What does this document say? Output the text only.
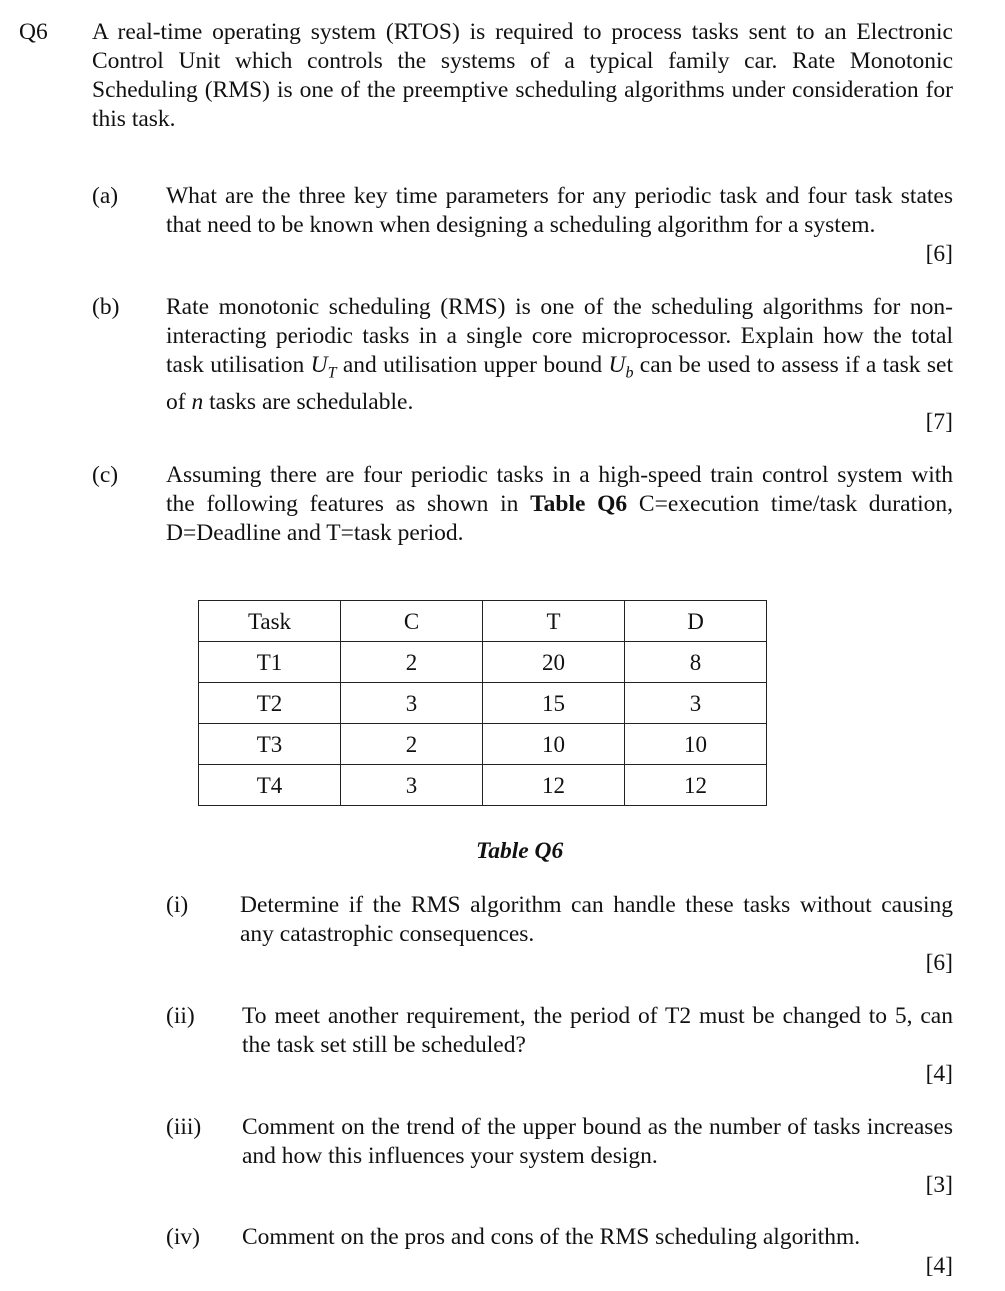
Q6 A real-time operating system (RTOS) is required to process tasks sent to an Electronic Control Unit which controls the systems of a typical family car. Rate Monotonic Scheduling (RMS) is one of the preemptive scheduling algorithms under consideration for this task.
(a) What are the three key time parameters for any periodic task and four task states that need to be known when designing a scheduling algorithm for a system.
[6]
(b) Rate monotonic scheduling (RMS) is one of the scheduling algorithms for non-interacting periodic tasks in a single core microprocessor. Explain how the total task utilisation $U_T$ and utilisation upper bound $U_b$ can be used to assess if a task set of n tasks are schedulable.
[7]
(c) Assuming there are four periodic tasks in a high-speed train control system with the following features as shown in Table Q6 C=execution time/task duration, D=Deadline and T=task period.
Task	C	T	D
T1	2	20	8
T2	3	15	3
T3	2	10	10
T4	3	12	12
Table Q6
(i) Determine if the RMS algorithm can handle these tasks without causing any catastrophic consequences.
[6]
(ii) To meet another requirement, the period of T2 must be changed to 5, can the task set still be scheduled?
[4]
(iii) Comment on the trend of the upper bound as the number of tasks increases and how this influences your system design.
[3]
(iv) Comment on the pros and cons of the RMS scheduling algorithm.
[4]
